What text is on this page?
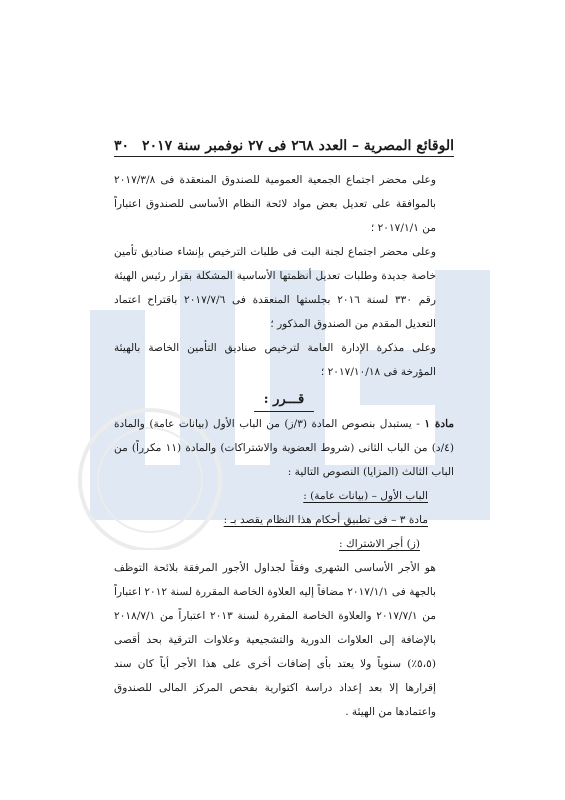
الوقائع المصرية – العدد ٢٦٨ فى ٢٧ نوفمبر سنة ٢٠١٧
٣٠

وعلى محضر اجتماع الجمعية العمومية للصندوق المنعقدة فى ٢٠١٧/٣/٨ بالموافقة على تعديل بعض مواد لائحة النظام الأساسى للصندوق اعتباراً من ٢٠١٧/١/١ ؛

وعلى محضر اجتماع لجنة البت فى طلبات الترخيص بإنشاء صناديق تأمين خاصة جديدة وطلبات تعديل أنظمتها الأساسية المشكلة بقرار رئيس الهيئة رقم ٣٣٠ لسنة ٢٠١٦ بجلستها المنعقدة فى ٢٠١٧/٧/٦ باقتراح اعتماد التعديل المقدم من الصندوق المذكور ؛

وعلى مذكرة الإدارة العامة لترخيص صناديق التأمين الخاصة بالهيئة المؤرخة فى ٢٠١٧/١٠/١٨ ؛

قـــرر :

مادة ١ - يستبدل بنصوص المادة (٣/ز) من الباب الأول (بيانات عامة) والمادة (٤/د) من الباب الثانى (شروط العضوية والاشتراكات) والمادة (١١ مكرراً) من الباب الثالث (المزايا) النصوص التالية :

الباب الأول – (بيانات عامة) :

مادة ٣ – فى تطبيق أحكام هذا النظام يقصد بـ :

(ز) أجر الاشتراك :

هو الأجر الأساسى الشهرى وفقاً لجداول الأجور المرفقة بلائحة التوظف بالجهة فى ٢٠١٧/١/١ مضافاً إليه العلاوة الخاصة المقررة لسنة ٢٠١٢ اعتباراً من ٢٠١٧/٧/١ والعلاوة الخاصة المقررة لسنة ٢٠١٣ اعتباراً من ٢٠١٨/٧/١ بالإضافة إلى العلاوات الدورية والتشجيعية وعلاوات الترقية بحد أقصى (٥،٥٪) سنوياً ولا يعتد بأى إضافات أخرى على هذا الأجر أياً كان سند إقرارها إلا بعد إعداد دراسة اكتوارية بفحص المركز المالى للصندوق واعتمادها من الهيئة .
